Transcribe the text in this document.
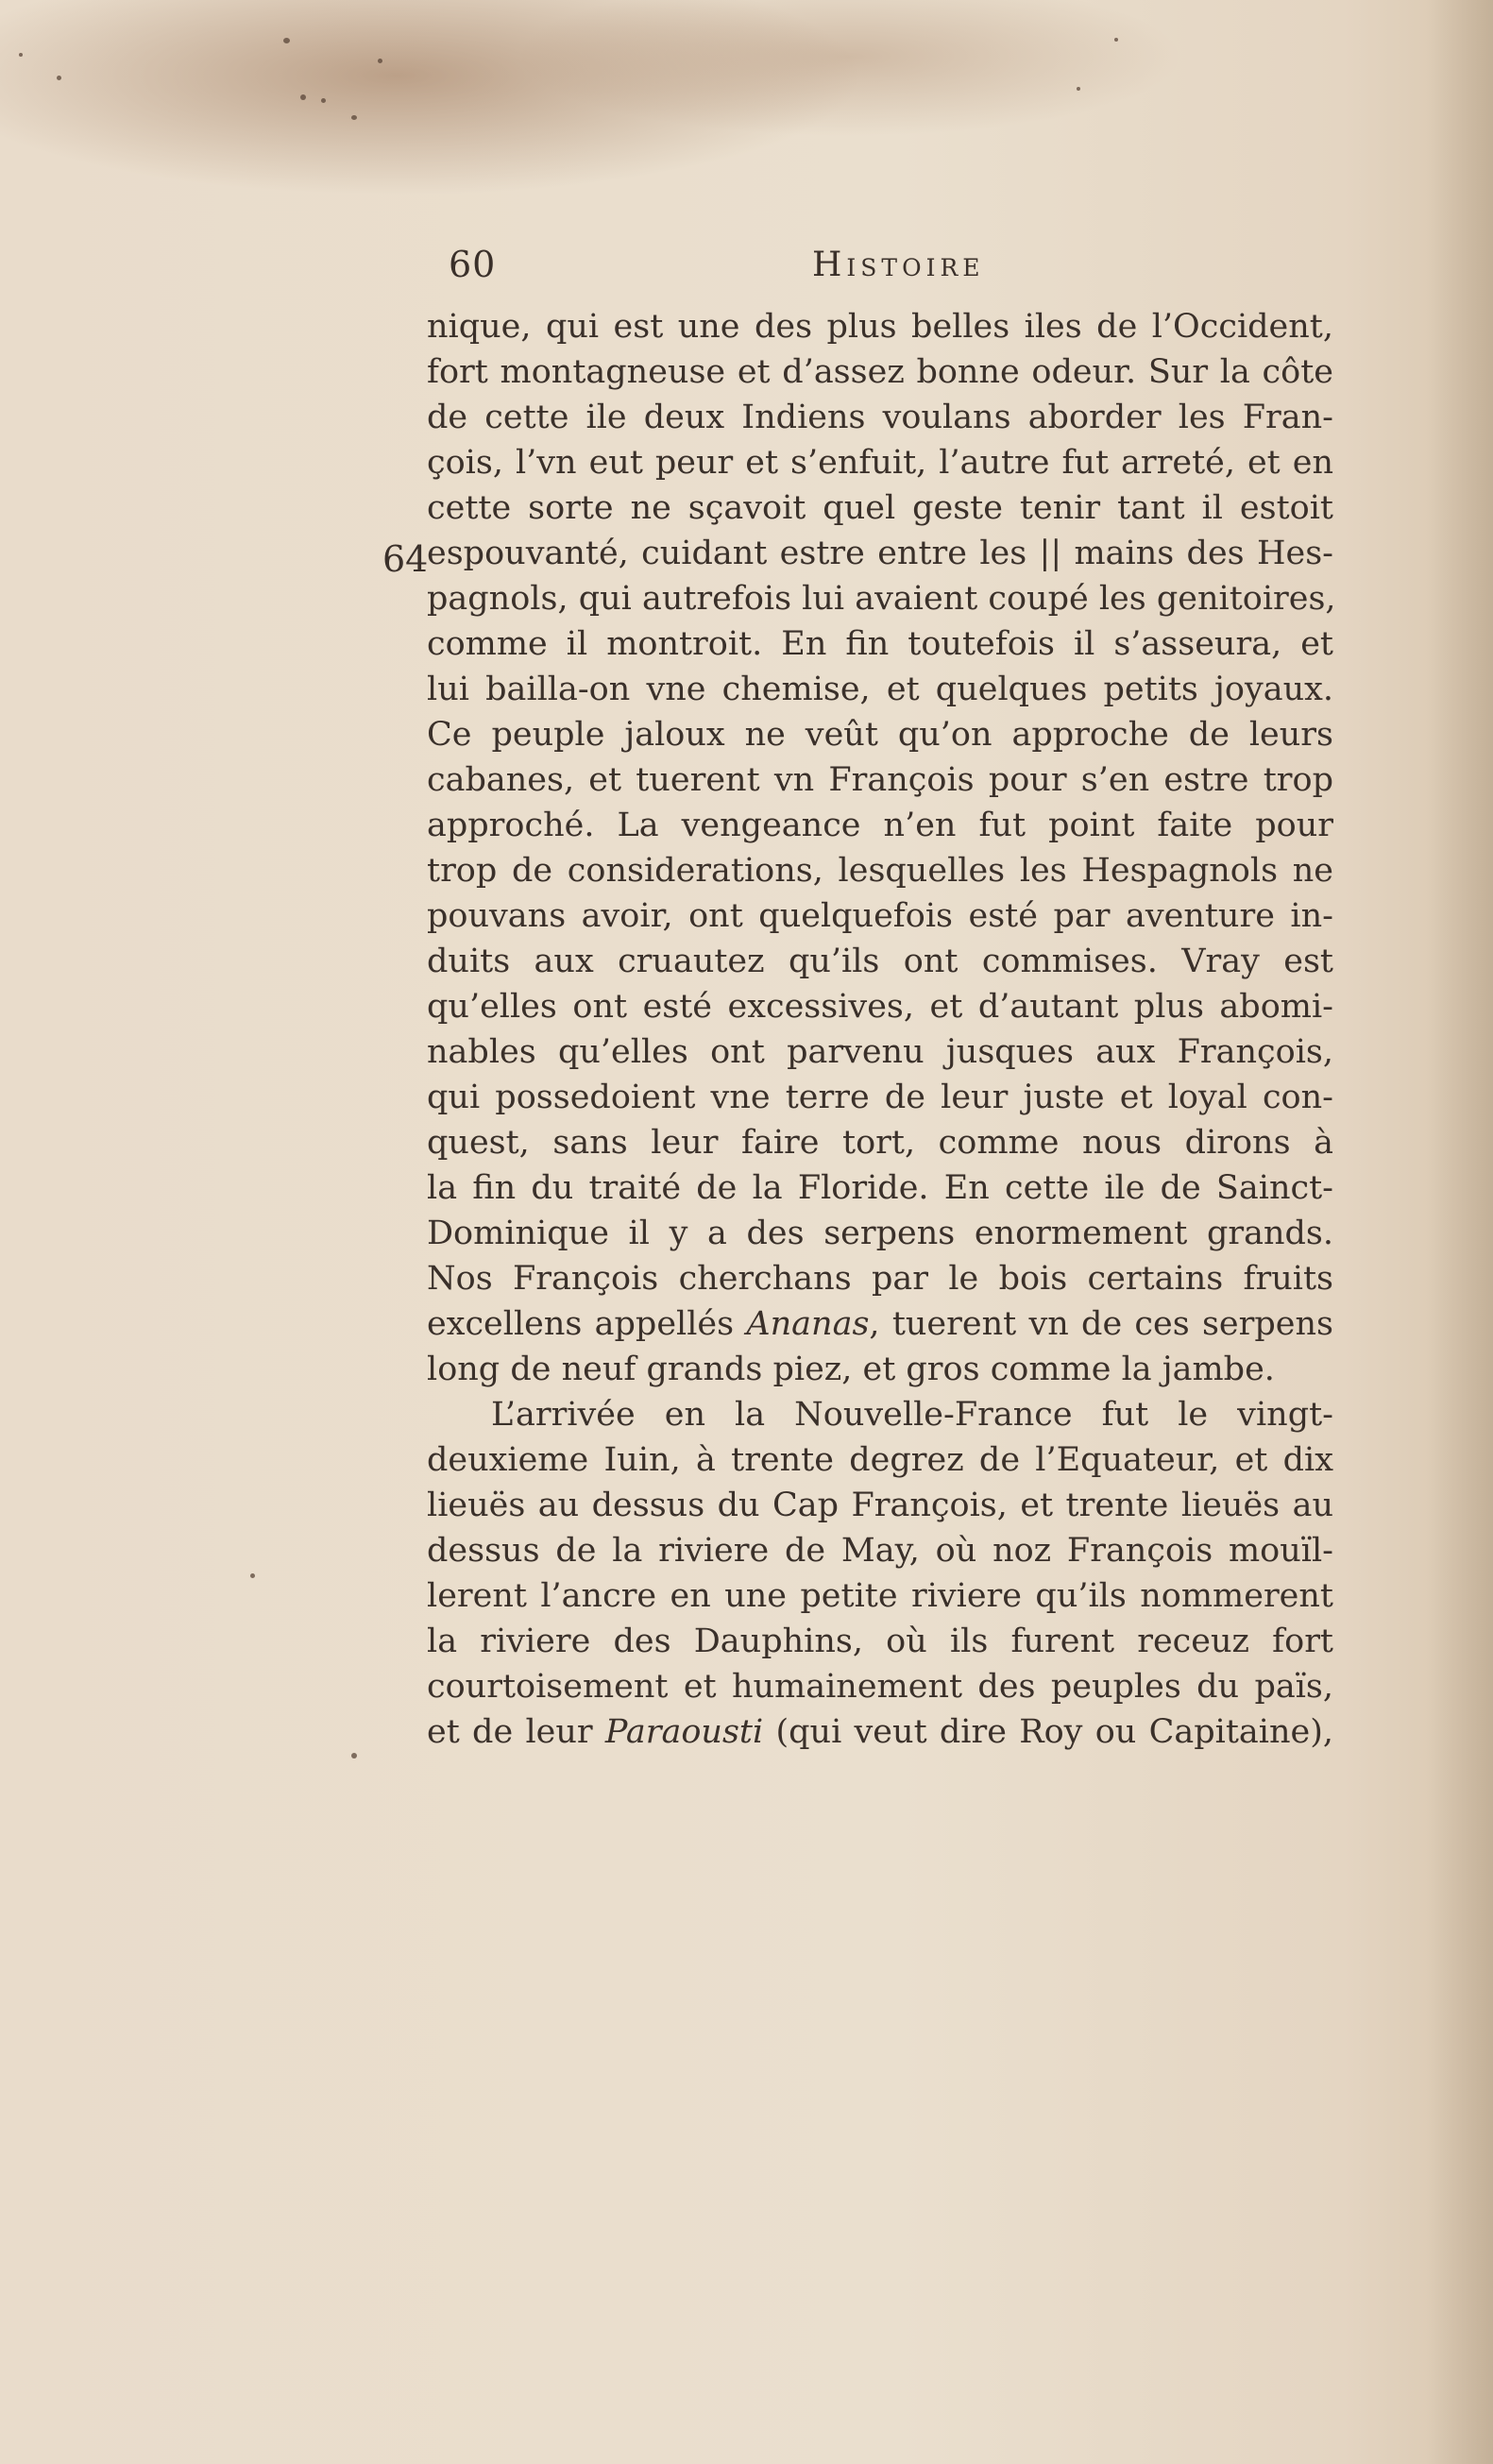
60	Histoire
64
nique, qui est une des plus belles iles de l’Occident,
fort montagneuse et d’assez bonne odeur. Sur la côte
de cette ile deux Indiens voulans aborder les Fran-
çois, l’vn eut peur et s’enfuit, l’autre fut arreté, et en
cette sorte ne sçavoit quel geste tenir tant il estoit
espouvanté, cuidant estre entre les || mains des Hes-
pagnols, qui autrefois lui avaient coupé les genitoires,
comme il montroit. En fin toutefois il s’asseura, et
lui bailla-on vne chemise, et quelques petits joyaux.
Ce peuple jaloux ne veût qu’on approche de leurs
cabanes, et tuerent vn François pour s’en estre trop
approché. La vengeance n’en fut point faite pour
trop de considerations, lesquelles les Hespagnols ne
pouvans avoir, ont quelquefois esté par aventure in-
duits aux cruautez qu’ils ont commises. Vray est
qu’elles ont esté excessives, et d’autant plus abomi-
nables qu’elles ont parvenu jusques aux François,
qui possedoient vne terre de leur juste et loyal con-
quest, sans leur faire tort, comme nous dirons à
la fin du traité de la Floride. En cette ile de Sainct-
Dominique il y a des serpens enormement grands.
Nos François cherchans par le bois certains fruits
excellens appellés Ananas, tuerent vn de ces serpens
long de neuf grands piez, et gros comme la jambe.
L’arrivée en la Nouvelle-France fut le vingt-
deuxieme Iuin, à trente degrez de l’Equateur, et dix
lieuës au dessus du Cap François, et trente lieuës au
dessus de la riviere de May, où noz François mouïl-
lerent l’ancre en une petite riviere qu’ils nommerent
la riviere des Dauphins, où ils furent receuz fort
courtoisement et humainement des peuples du païs,
et de leur Paraousti (qui veut dire Roy ou Capitaine),
